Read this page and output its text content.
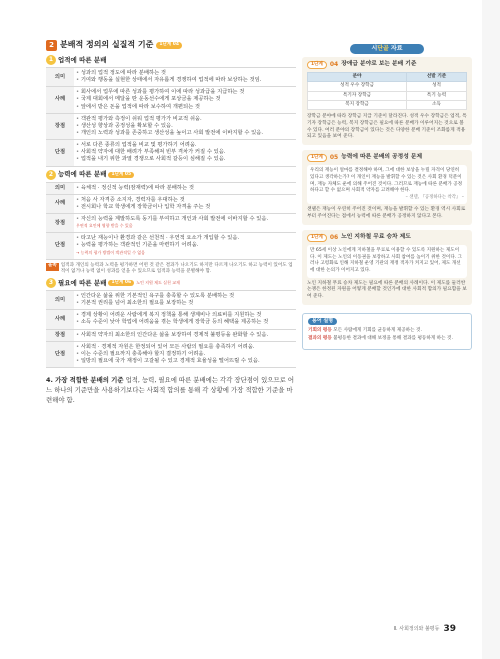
2 분배적 정의의 실질적 기준	1단계 04
1 업적에 따른 분배
의미	• 성과의 업적 정도에 따라 분배하는 것
• 기여와 행동을 실현한 상태에서 자유롭게 경쟁하여 업적에 따라 보상하는 것임.

사례	• 회사에서 업무에 따른 성과를 평가하여 이에 따라 성과급을 지급하는 것
• 국제 대회에서 메달을 딴 운동선수에게 포상금을 제공하는 것
• 앞에서 받은 돈을 업적에 따라 보수하여 개편되는 것

장점	• 객관적 평가와 측정이 쉬워 업적 평가가 비교적 쉬움.
• 생산성 향상과 공정성을 확보할 수 있음.
• 개인의 노력과 성과를 존중하고 생산성을 높이고 사회 발전에 이바지할 수 있음.

단점	• 서로 다른 종류의 업적을 비교 및 평가하기 어려움.
• 사회적 약자에 대한 배려가 부족해져 빈부 격차가 커질 수 있음.
• 업적을 내기 위한 과열 경쟁으로 사회적 갈등이 심해질 수 있음.
2 능력에 따른 분배	1단계 05
의미	• 육체적 · 정신적 능력(잠재력)에 따라 분배하는 것

사례	• 처음 사 자격증 소지자, 경력자를 우대하는 것
• 전시회나 학교 학생에게 장학금이나 입학 자격을 주는 것

장점	• 자신의 능력을 계발하도록 동기를 부여하고 개인과 사회 발전에 이바지할 수 있음.
우연적 요인에 영향 받을 수 있음
단점	• 타고난 재능이나 환경과 같은 선천적 · 우연적 요소가 개입할 수 있음.
• 능력을 평가하는 객관적인 기준을 마련하기 어려움.
→ 능력의 평가 방법이 객관적일 수 없음
올쏙 업적과 개인의 능력과 노력을 평가하면 어떤 것 같은 결과가 나오기도 하지만 다르게 나오기도 하고 능력이 있어도 업적이 없거나 능력 없이 성과를 얻을 수 있으므로 업적과 능력을 분별해야 함.
3 필요에 따른 분배	1단계 06	노인 지원 제도 실천 교재
의미	• 인간다운 삶을 위한 기본적인 욕구를 충족할 수 있도록 분배하는 것
• 기본적 권리를 넘어 최소한의 필요를 보장하는 것

사례	• 경제 상황이 어려운 사람에게 복지 정책을 통해 생계비나 의료비를 지원하는 것
• 소득 수준이 낮아 학업에 어려움을 겪는 학생에게 장학금 등의 혜택을 제공하는 것

장점	• 사회적 약자의 최소한의 인간다운 삶을 보장하여 경제적 불평등을 완화할 수 있음.

단점	• 사회적 · 경제적 자원은 한정되어 있어 모든 사람의 필요를 충족하기 어려움.
• 이는 수준의 필요까지 충족해야 할지 결정하기 어려움.
• 일방의 필요에 국가 재정이 고갈될 수 있고 경제적 효율성을 떨어뜨릴 수 있음.
4. 가장 적합한 분배의 기준 업적, 능력, 필요에 따른 분배에는 각각 장단점이 있으므로 어느 하나의 기준만을 사용하기보다는 사회적 합의를 통해 각 상황에 가장 적합한 기준을 마련해야 함.
시단골 자료
1단계	04 장애급 분야로 보는 분배 기준
분야	선발 기준
성적 우수 장학금	성적
특기자 장학금	특기 능력
복지 장학금	소득
장학금 분야에 따라 장학금 지급 기준이 달라진다. 성적 우수 장학금은 업적, 특기자 장학금은 능력, 복지 장학금은 필요에 따른 분배가 이루어지는 것으로 볼 수 있다. 여러 분야의 장학금이 있다는 것은 다양한 분배 기준이 조화롭게 적용되고 있음을 보여 준다.
1단계	05 능력에 따른 분배의 공정성 문제
우리의 재능이 얼마를 결정해야 하며, 그에 대한 보상을 누릴 자격이 당연히 있다고 생각하는가? 이 개인이 재능을 발휘할 수 있는 것은 사회 환경 덕분이며, 재능 자체도 운에 의해 주어진 것이다. 그러므로 재능에 따른 분배가 공정하다고 할 수 없으며 사회적 약자를 고려해야 한다.
– 샌델, 『공정하다는 착각』 –
샌델은 재능이 우연히 주어진 것이며, 재능을 발휘할 수 있는 환경 역시 사회로부터 주어진다는 점에서 능력에 따른 분배가 공정하지 않다고 본다.
1단계	06 노인 지하철 무료 승차 제도
만 65세 이상 노인에게 지하철을 무료로 이용할 수 있도록 지원하는 제도이다. 이 제도는 노인의 이동권을 보장하고 사회 참여를 높이기 위한 것이다. 그러나 고령화로 인해 지하철 운영 기관의 재정 적자가 커지고 있어, 제도 개선에 대한 논의가 이어지고 있다.
노인 지하철 무료 승차 제도는 필요에 따른 분배의 사례이다. 이 제도를 둘러싼 논쟁은 한정된 자원을 어떻게 분배할 것인가에 대한 사회적 합의가 필요함을 보여 준다.
용어 설명
기회의 평등 모든 사람에게 기회를 균등하게 제공하는 것.
결과의 평등 불평등한 결과에 대해 보정을 통해 결과를 평등하게 하는 것.
Ⅱ. 사회정의와 불평등 39
